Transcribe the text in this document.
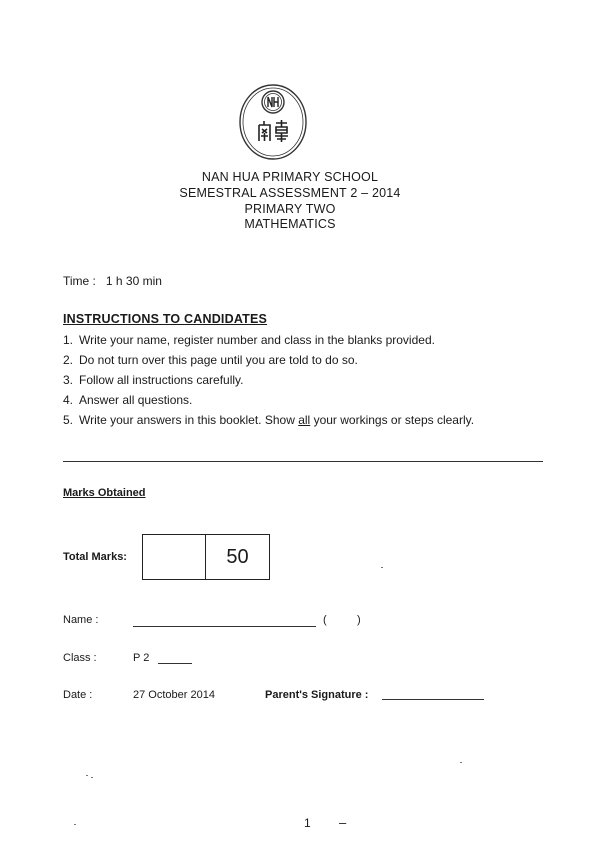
NAN HUA PRIMARY SCHOOL
SEMESTRAL ASSESSMENT 2 – 2014
PRIMARY TWO
MATHEMATICS
Time : 1 h 30 min
INSTRUCTIONS TO CANDIDATES
1. Write your name, register number and class in the blanks provided.
2. Do not turn over this page until you are told to do so.
3. Follow all instructions carefully.
4. Answer all questions.
5. Write your answers in this booklet. Show all your workings or steps clearly.
Marks Obtained
Total Marks:	50
Name :	(	)
Class :	P 2
Date :	27 October 2014	Parent's Signature :
1 –
